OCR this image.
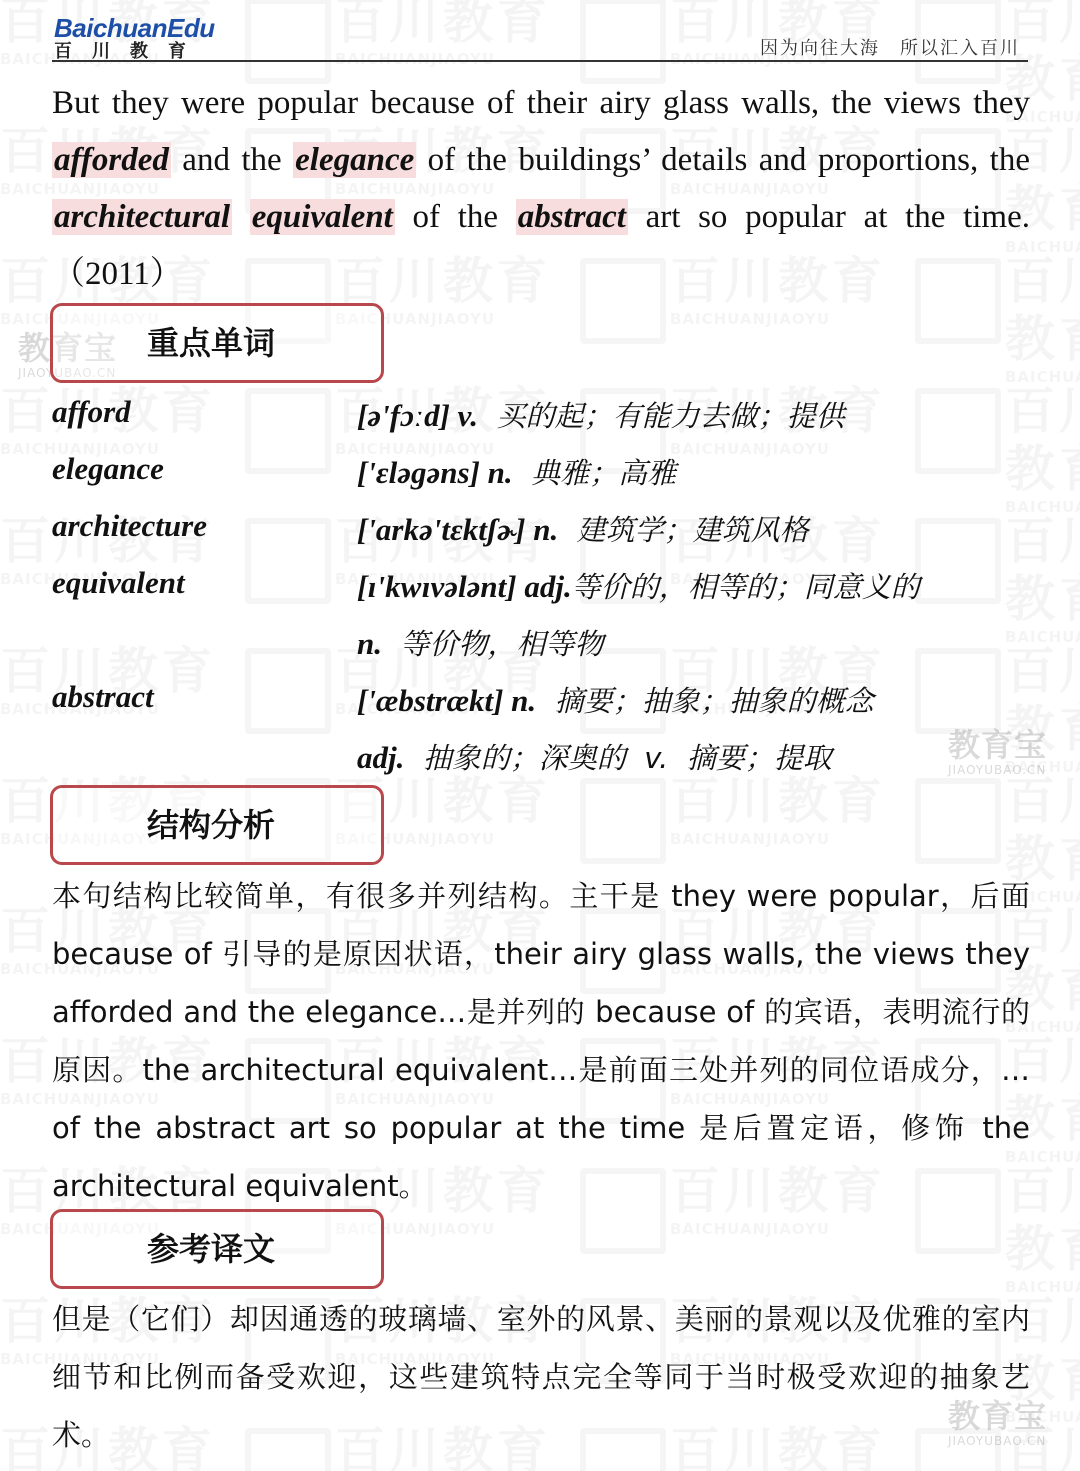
BaichuanEdu
百川教育	因为向往大海　所以汇入百川
But they were popular because of their airy glass walls, the views they afforded and the elegance of the buildings’ details and proportions, the architectural equivalent of the abstract art so popular at the time.　（2011）
重点单词
afford	[ə'fɔːd] v.  买的起；有能力去做；提供
elegance	['ɛləɡəns] n.  典雅；高雅
architecture	['arkə'tɛktʃɚ] n.  建筑学；建筑风格
equivalent	[ɪ'kwɪvələnt] adj.等价的，相等的；同意义的
n.  等价物，相等物
abstract	['æbstrækt] n.  摘要；抽象；抽象的概念
adj.  抽象的；深奥的  v.  摘要；提取
结构分析
本句结构比较简单，有很多并列结构。主干是 they were popular，后面 because of 引导的是原因状语，their airy glass walls, the views they afforded and the elegance…是并列的 because of 的宾语，表明流行的原因。the architectural equivalent…是前面三处并列的同位语成分，…of the abstract art so popular at the time 是后置定语，修饰 the architectural equivalent。
参考译文
但是（它们）却因通透的玻璃墙、室外的风景、美丽的景观以及优雅的室内细节和比例而备受欢迎，这些建筑特点完全等同于当时极受欢迎的抽象艺术。
教育宝
JIAOYUBAO.CN
教育宝
JIAOYUBAO.CN
教育宝
JIAOYUBAO.CN
